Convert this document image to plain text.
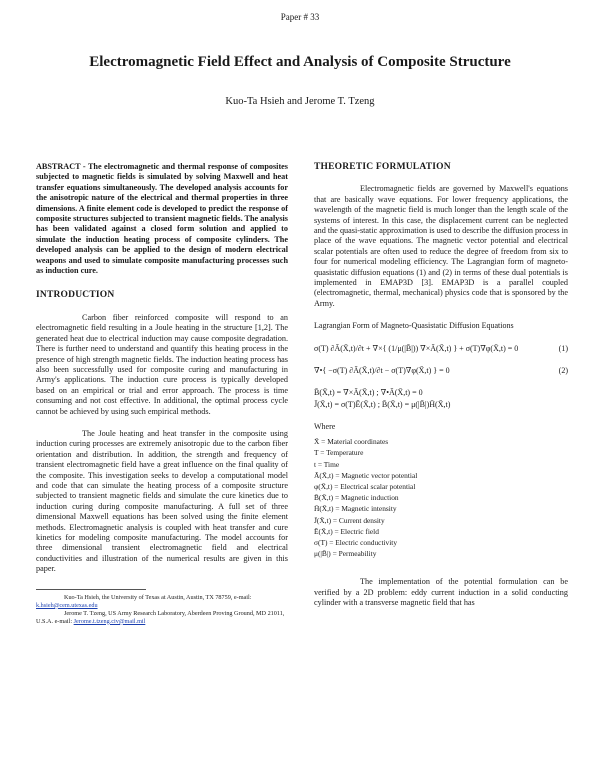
Paper # 33
Electromagnetic Field Effect and Analysis of Composite Structure
Kuo-Ta Hsieh and Jerome T. Tzeng

ABSTRACT - The electromagnetic and thermal response of composites subjected to magnetic fields is simulated by solving Maxwell and heat transfer equations simultaneously. The developed analysis accounts for the anisotropic nature of the electrical and thermal properties in three dimensions. A finite element code is developed to predict the response of composite structures subjected to transient magnetic fields. The analysis has been validated against a closed form solution and applied to simulate the induction heating process of composite cylinders. The developed analysis can be applied to the design of modern electrical weapons and used to simulate composite manufacturing processes such as induction cure.

INTRODUCTION

Carbon fiber reinforced composite will respond to an electromagnetic field resulting in a Joule heating in the structure [1,2]. The generated heat due to electrical induction may cause composite degradation. There is further need to understand and quantify this heating process in the presence of high strength magnetic fields. The induction heating process has also been successfully used for composite curing and manufacturing in Army's applications. The induction cure process is typically developed based on an empirical or trial and error approach. The process is time consuming and not cost effective. In additional, the optimal process cycle cannot be achieved by using such empirical methods.

The Joule heating and heat transfer in the composite using induction curing processes are extremely anisotropic due to the carbon fiber orientation and distribution. In addition, the strength and frequency of transient electromagnetic field have a great influence on the final quality of the composite. This investigation seeks to develop a computational model and code that can simulate the heating process of a composite structure subjected to transient magnetic fields and simulate the cure kinetics due to induction curing during composite manufacturing. A full set of three dimensional Maxwell equations has been solved using the finite element methods. Electromagnetic analysis is coupled with heat transfer and cure kinetics for modeling composite manufacturing. The model accounts for three dimensional transient electromagnetic field and electrical conductivities and illustration of the numerical results are given in this paper.

Kuo-Ta Hsieh, the University of Texas at Austin, Austin, TX 78759, e-mail: k.hsieh@cem.utexas.edu

Jerome T. Tzeng, US Army Research Laboratory, Aberdeen Proving Ground, MD 21011, U.S.A. e-mail: Jerome.t.tzeng.civ@mail.mil

THEORETIC FORMULATION

Electromagnetic fields are governed by Maxwell's equations that are basically wave equations. For lower frequency applications, the wavelength of the magnetic field is much longer than the length scale of the systems of interest. In this case, the displacement current can be neglected and the quasi-static approximation is used to describe the diffusion process in place of the wave equations. The magnetic vector potential and electrical scalar potentials are often used to reduce the degree of freedom from six to four for numerical modeling efficiency. The Lagrangian form of magneto-quasistatic diffusion equations (1) and (2) in terms of these dual potentials is implemented in EMAP3D [3]. EMAP3D is a parallel coupled (electromagnetic, thermal, mechanical) physics code that is sponsored by the Army.

Lagrangian Form of Magneto-Quasistatic Diffusion Equations

σ(T) ∂Ā(X̄,t)/∂t + ∇×{ (1/μ(|B̄|)) ∇×Ā(X̄,t) } + σ(T)∇φ(X̄,t) = 0	(1)
∇•{ −σ(T) ∂Ā(X̄,t)/∂t − σ(T)∇φ(X̄,t) } = 0	(2)
B̄(X̄,t) = ∇×Ā(X̄,t) ; ∇•Ā(X̄,t) = 0
J̄(X̄,t) = σ(T)Ē(X̄,t) ; B̄(X̄,t) = μ(|B̄|)H̄(X̄,t)

Where

X̄ = Material coordinates
T = Temperature
t = Time
Ā(X̄,t) = Magnetic vector potential
φ(X̄,t) = Electrical scalar potential
B̄(X̄,t) = Magnetic induction
H̄(X̄,t) = Magnetic intensity
J̄(X̄,t) = Current density
Ē(X̄,t) = Electric field
σ(T) = Electric conductivity
μ(|B̄|) = Permeability

The implementation of the potential formulation can be verified by a 2D problem: eddy current induction in a solid conducting cylinder with a transverse magnetic field that has
